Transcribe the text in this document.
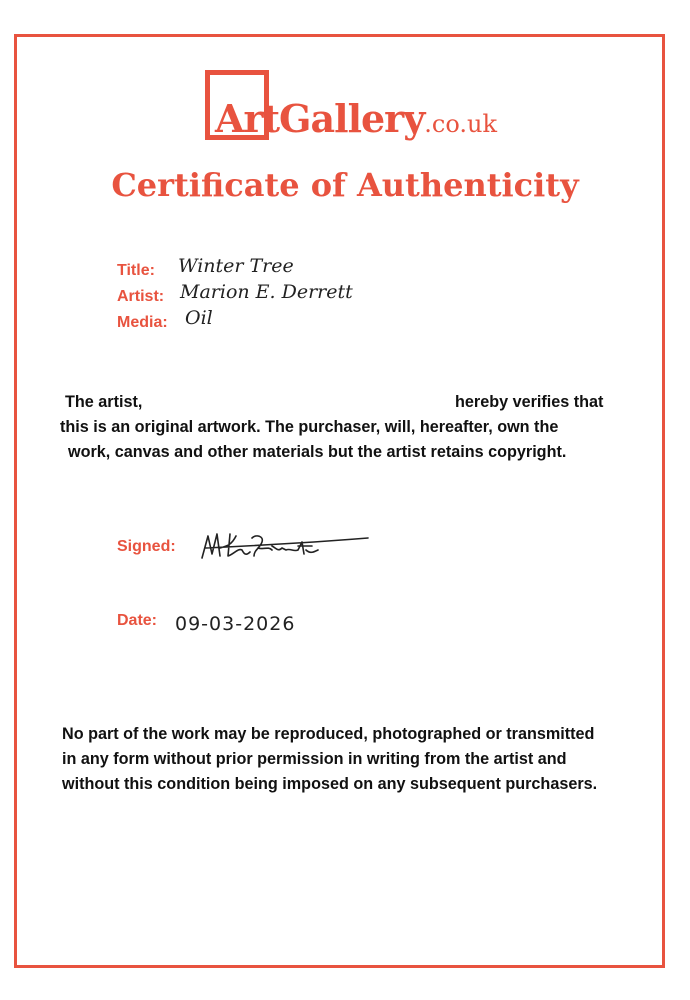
ArtGallery.co.uk
Certificate of Authenticity
Title: Winter Tree
Artist: Marion E. Derrett
Media: Oil
The artist,	hereby verifies that
this is an original artwork. The purchaser, will, hereafter, own the
work, canvas and other materials but the artist retains copyright.
Signed:
Date: 09-03-2026
No part of the work may be reproduced, photographed or transmitted
in any form without prior permission in writing from the artist and
without this condition being imposed on any subsequent purchasers.
